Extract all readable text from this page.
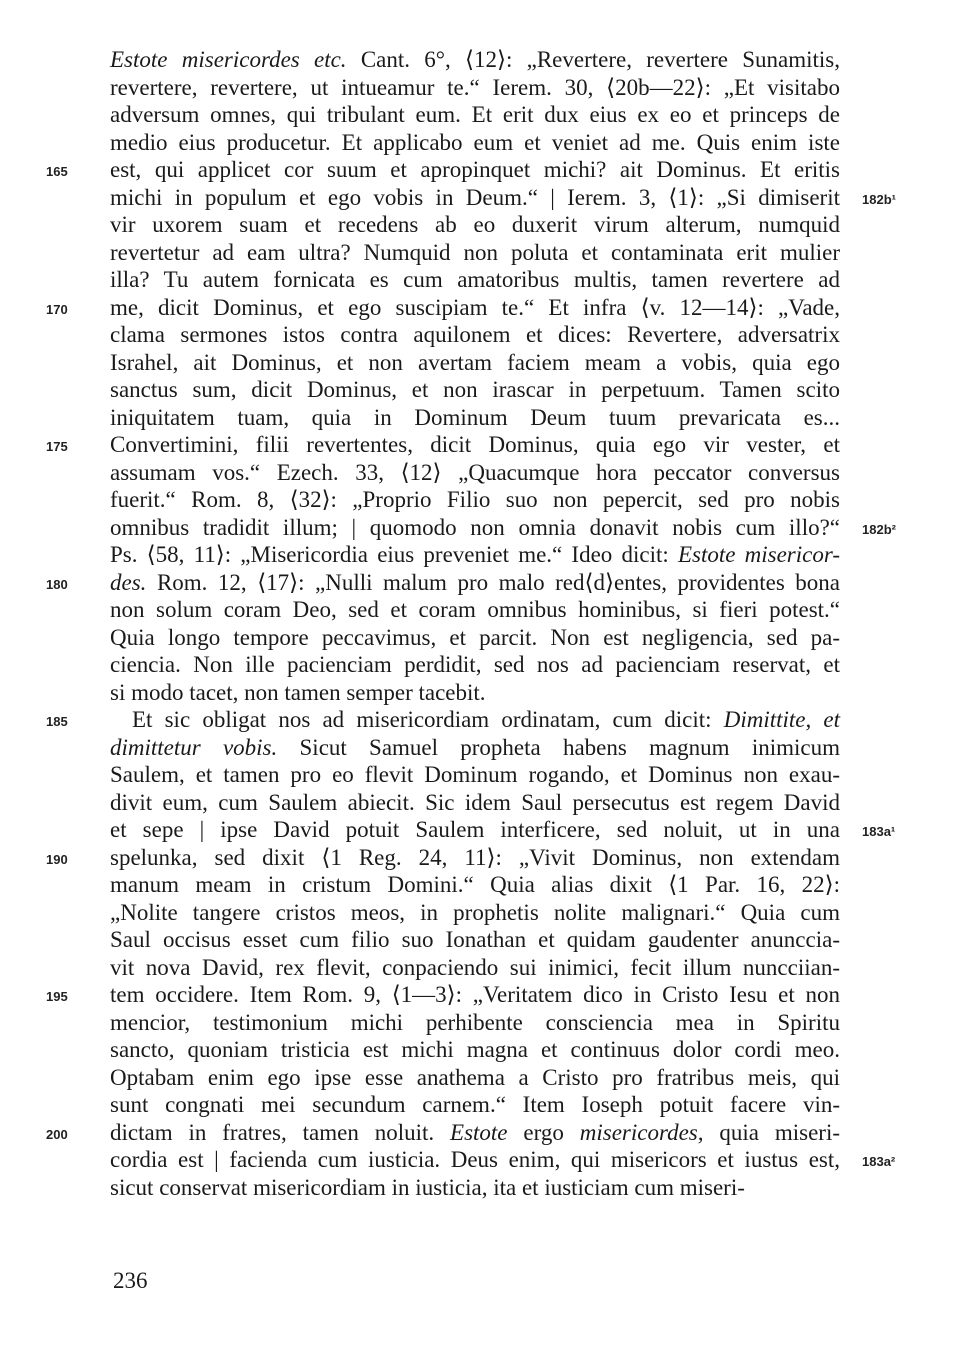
Estote misericordes etc. Cant. 6°, ⟨12⟩: „Revertere, revertere Sunamitis,
revertere, revertere, ut intueamur te.“ Ierem. 30, ⟨20b—22⟩: „Et visitabo
adversum omnes, qui tribulant eum. Et erit dux eius ex eo et princeps de
medio eius producetur. Et applicabo eum et veniet ad me. Quis enim iste
est, qui applicet cor suum et apropinquet michi? ait Dominus. Et eritis
michi in populum et ego vobis in Deum.“ | Ierem. 3, ⟨1⟩: „Si dimiserit
vir uxorem suam et recedens ab eo duxerit virum alterum, numquid
revertetur ad eam ultra? Numquid non poluta et contaminata erit mulier
illa? Tu autem fornicata es cum amatoribus multis, tamen revertere ad
me, dicit Dominus, et ego suscipiam te.“ Et infra ⟨v. 12—14⟩: „Vade,
clama sermones istos contra aquilonem et dices: Revertere, adversatrix
Israhel, ait Dominus, et non avertam faciem meam a vobis, quia ego
sanctus sum, dicit Dominus, et non irascar in perpetuum. Tamen scito
iniquitatem tuam, quia in Dominum Deum tuum prevaricata es...
Convertimini, filii revertentes, dicit Dominus, quia ego vir vester, et
assumam vos.“ Ezech. 33, ⟨12⟩ „Quacumque hora peccator conversus
fuerit.“ Rom. 8, ⟨32⟩: „Proprio Filio suo non pepercit, sed pro nobis
omnibus tradidit illum; | quomodo non omnia donavit nobis cum illo?“
Ps. ⟨58, 11⟩: „Misericordia eius preveniet me.“ Ideo dicit: Estote misericor-
des. Rom. 12, ⟨17⟩: „Nulli malum pro malo red⟨d⟩entes, providentes bona
non solum coram Deo, sed et coram omnibus hominibus, si fieri potest.“
Quia longo tempore peccavimus, et parcit. Non est negligencia, sed pa-
ciencia. Non ille pacienciam perdidit, sed nos ad pacienciam reservat, et
si modo tacet, non tamen semper tacebit.
Et sic obligat nos ad misericordiam ordinatam, cum dicit: Dimittite, et
dimittetur vobis. Sicut Samuel propheta habens magnum inimicum
Saulem, et tamen pro eo flevit Dominum rogando, et Dominus non exau-
divit eum, cum Saulem abiecit. Sic idem Saul persecutus est regem David
et sepe | ipse David potuit Saulem interficere, sed noluit, ut in una
spelunka, sed dixit ⟨1 Reg. 24, 11⟩: „Vivit Dominus, non extendam
manum meam in cristum Domini.“ Quia alias dixit ⟨1 Par. 16, 22⟩:
„Nolite tangere cristos meos, in prophetis nolite malignari.“ Quia cum
Saul occisus esset cum filio suo Ionathan et quidam gaudenter anunccia-
vit nova David, rex flevit, conpaciendo sui inimici, fecit illum nuncciian-
tem occidere. Item Rom. 9, ⟨1—3⟩: „Veritatem dico in Cristo Iesu et non
mencior, testimonium michi perhibente consciencia mea in Spiritu
sancto, quoniam tristicia est michi magna et continuus dolor cordi meo.
Optabam enim ego ipse esse anathema a Cristo pro fratribus meis, qui
sunt congnati mei secundum carnem.“ Item Ioseph potuit facere vin-
dictam in fratres, tamen noluit. Estote ergo misericordes, quia miseri-
cordia est | facienda cum iusticia. Deus enim, qui misericors et iustus est,
sicut conservat misericordiam in iusticia, ita et iusticiam cum miseri-
165
170
175
180
185
190
195
200
182b¹
182b²
183a¹
183a²
236
